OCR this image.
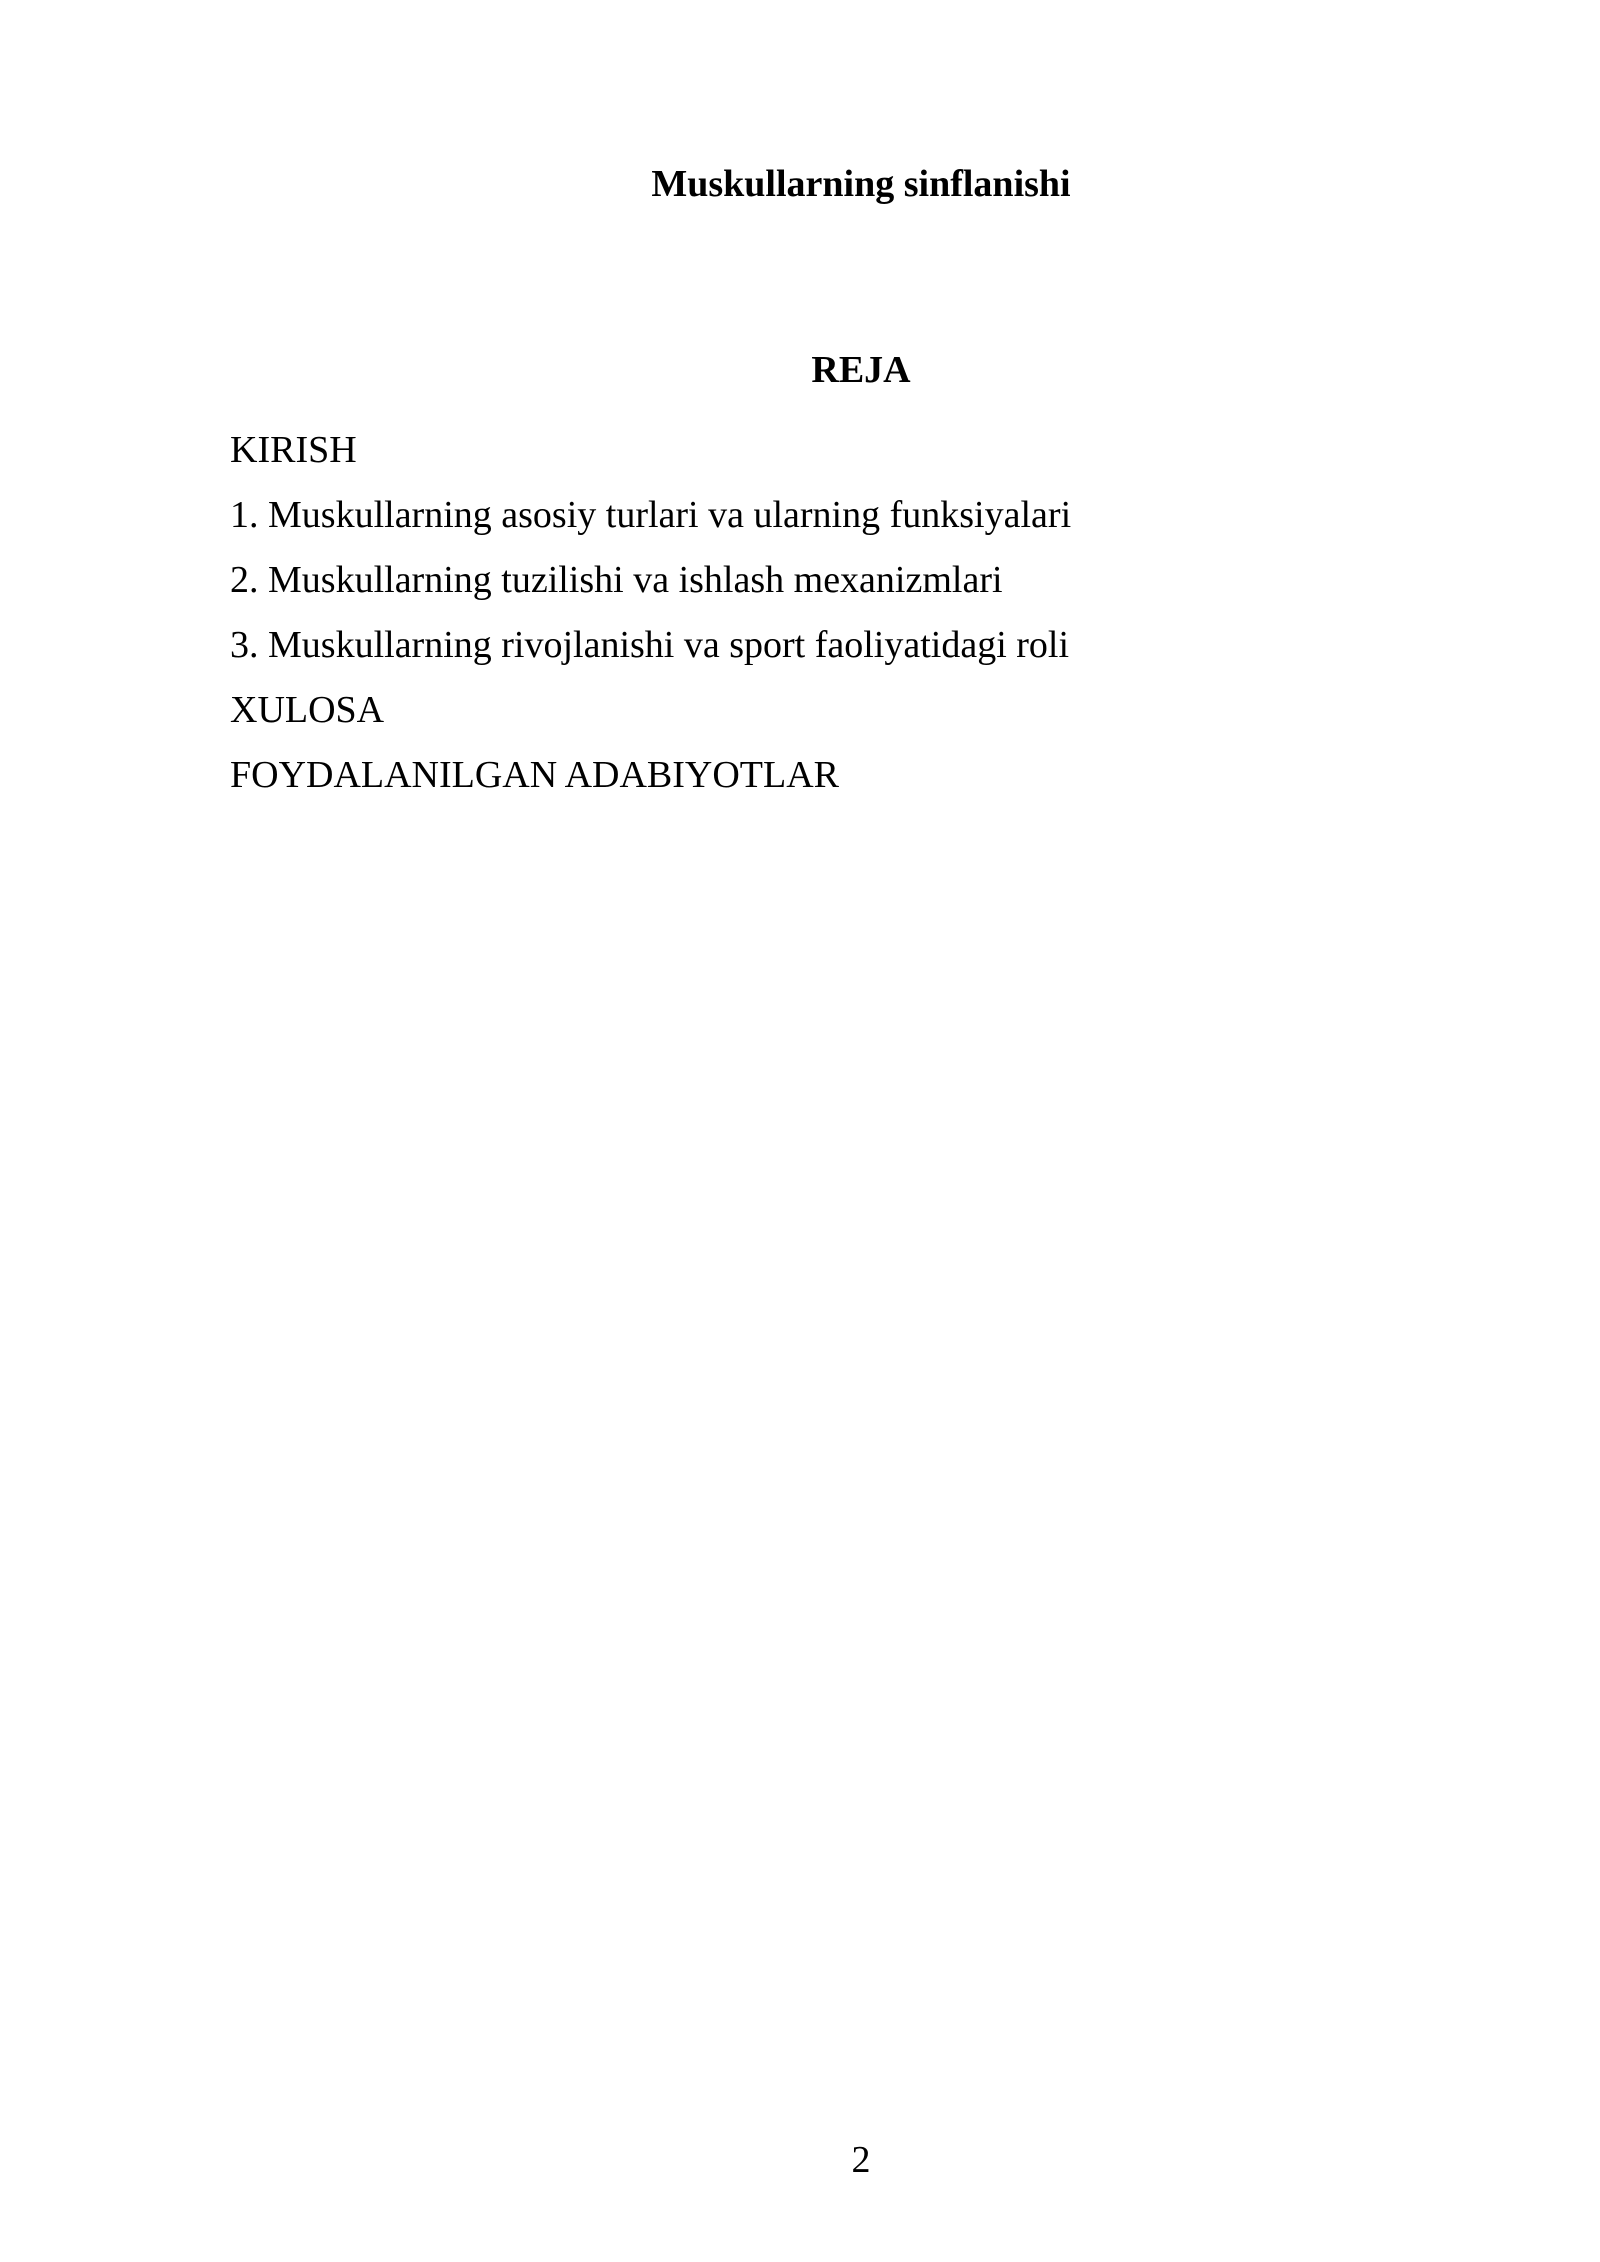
Muskullarning sinflanishi
REJA
KIRISH
1. Muskullarning asosiy turlari va ularning funksiyalari
2. Muskullarning tuzilishi va ishlash mexanizmlari
3. Muskullarning rivojlanishi va sport faoliyatidagi roli
XULOSA
FOYDALANILGAN ADABIYOTLAR
2
